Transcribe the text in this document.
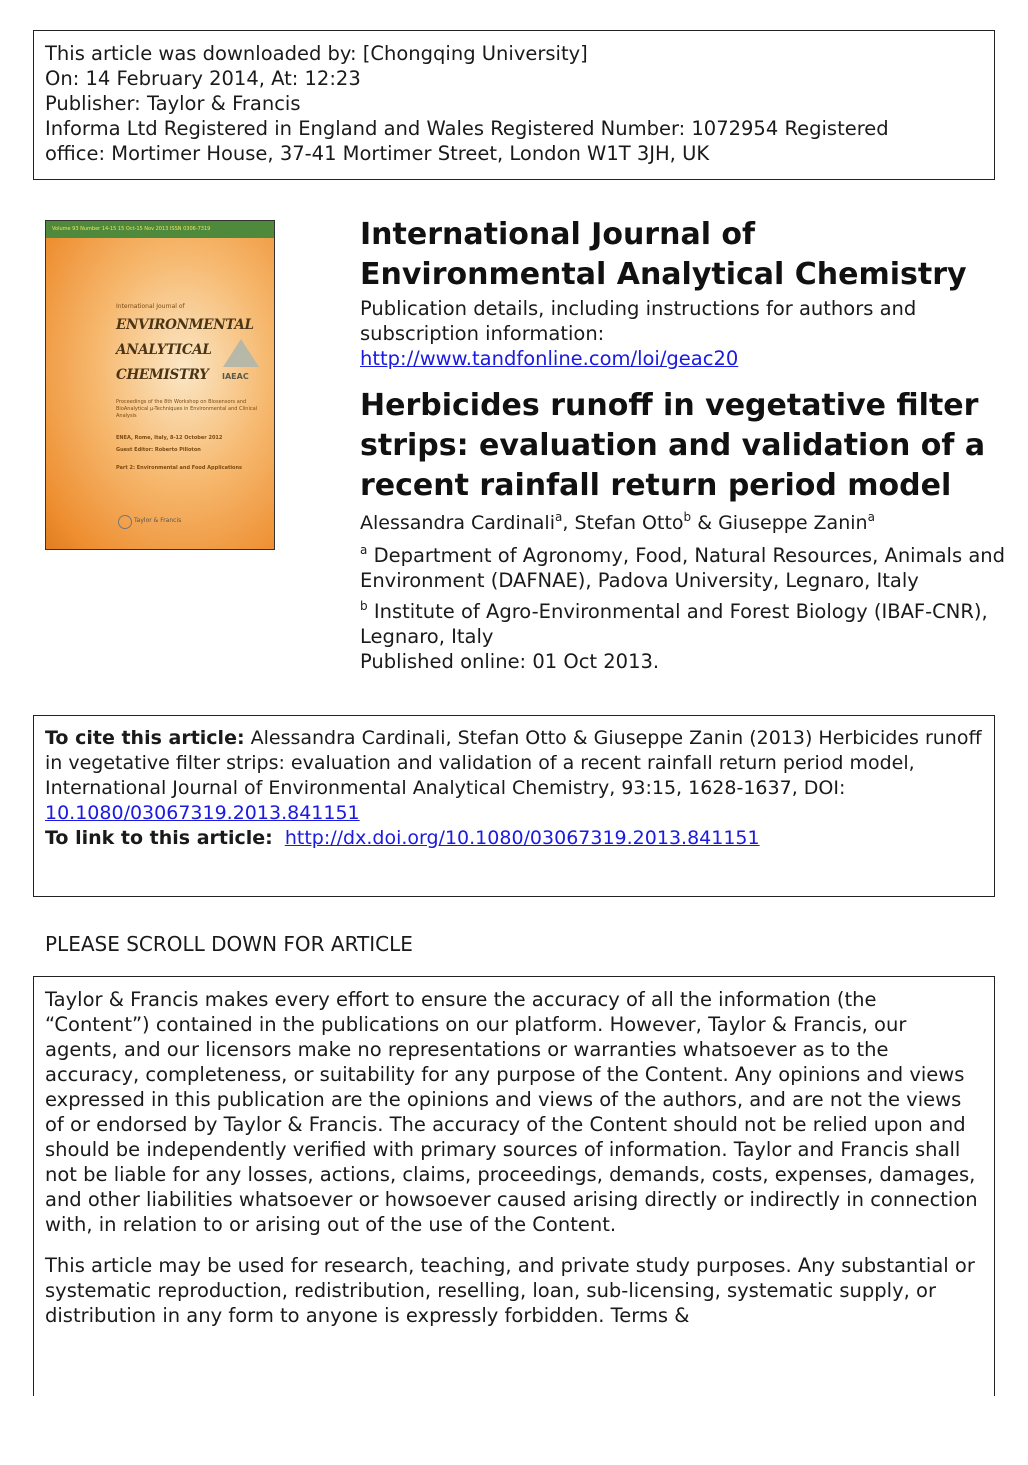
This article was downloaded by: [Chongqing University]
On: 14 February 2014, At: 12:23
Publisher: Taylor & Francis
Informa Ltd Registered in England and Wales Registered Number: 1072954 Registered
office: Mortimer House, 37-41 Mortimer Street, London W1T 3JH, UK
Volume 93 Number 14-15 15 Oct-15 Nov 2013 ISSN 0306-7319
International Journal of
ENVIRONMENTAL
ANALYTICAL
CHEMISTRY IAEAC
Proceedings of the 8th Workshop on Biosensors and BioAnalytical µ-Techniques in Environmental and Clinical Analysis
ENEA, Rome, Italy, 8-12 October 2012
Guest Editor: Roberto Pilloton
Part 2: Environmental and Food Applications
Taylor & Francis
International Journal of Environmental Analytical Chemistry
Publication details, including instructions for authors and
subscription information:
http://www.tandfonline.com/loi/geac20
Herbicides runoff in vegetative filter strips: evaluation and validation of a recent rainfall return period model
Alessandra Cardinali$^a$, Stefan Otto$^b$ & Giuseppe Zanin$^a$
$^a$ Department of Agronomy, Food, Natural Resources, Animals and Environment (DAFNAE), Padova University, Legnaro, Italy
$^b$ Institute of Agro-Environmental and Forest Biology (IBAF-CNR), Legnaro, Italy
Published online: 01 Oct 2013.

To cite this article: Alessandra Cardinali, Stefan Otto & Giuseppe Zanin (2013) Herbicides runoff in vegetative filter strips: evaluation and validation of a recent rainfall return period model, International Journal of Environmental Analytical Chemistry, 93:15, 1628-1637, DOI: 10.1080/03067319.2013.841151

To link to this article: http://dx.doi.org/10.1080/03067319.2013.841151

PLEASE SCROLL DOWN FOR ARTICLE

Taylor & Francis makes every effort to ensure the accuracy of all the information (the “Content”) contained in the publications on our platform. However, Taylor & Francis, our agents, and our licensors make no representations or warranties whatsoever as to the accuracy, completeness, or suitability for any purpose of the Content. Any opinions and views expressed in this publication are the opinions and views of the authors, and are not the views of or endorsed by Taylor & Francis. The accuracy of the Content should not be relied upon and should be independently verified with primary sources of information. Taylor and Francis shall not be liable for any losses, actions, claims, proceedings, demands, costs, expenses, damages, and other liabilities whatsoever or howsoever caused arising directly or indirectly in connection with, in relation to or arising out of the use of the Content.

This article may be used for research, teaching, and private study purposes. Any substantial or systematic reproduction, redistribution, reselling, loan, sub-licensing, systematic supply, or distribution in any form to anyone is expressly forbidden. Terms &
